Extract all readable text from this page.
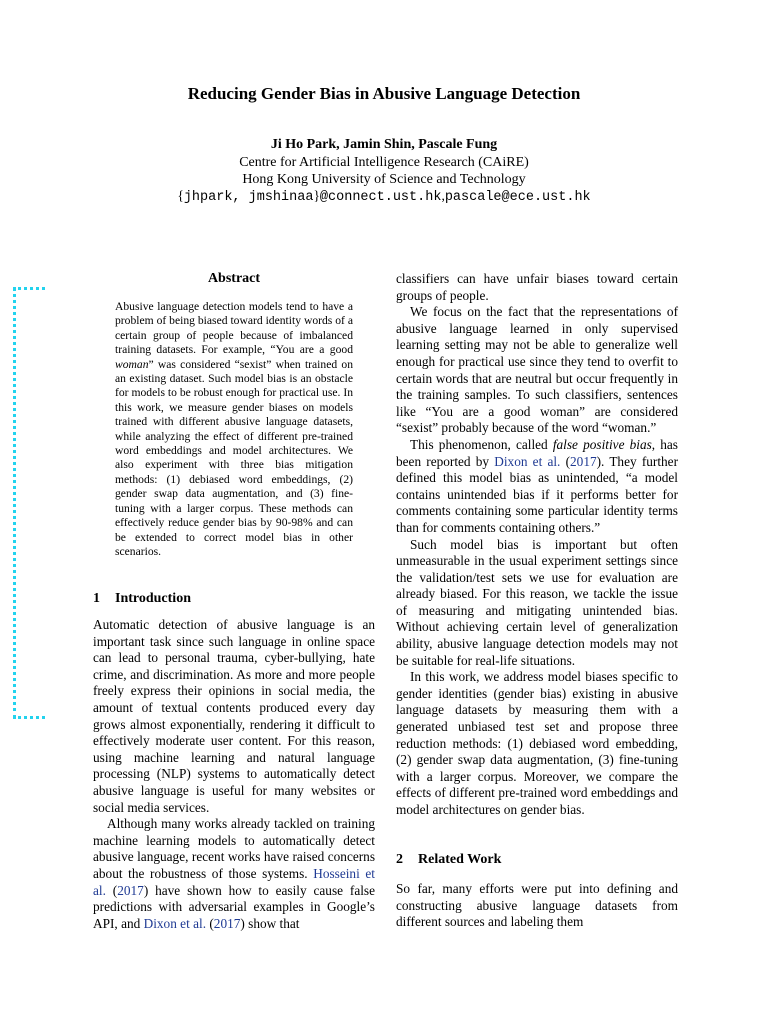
Reducing Gender Bias in Abusive Language Detection
Ji Ho Park, Jamin Shin, Pascale Fung
Centre for Artificial Intelligence Research (CAiRE)
Hong Kong University of Science and Technology
{jhpark, jmshinaa}@connect.ust.hk,pascale@ece.ust.hk
Abstract

Abusive language detection models tend to have a problem of being biased toward identity words of a certain group of people because of imbalanced training datasets. For example, “You are a good woman” was considered “sexist” when trained on an existing dataset. Such model bias is an obstacle for models to be robust enough for practical use. In this work, we measure gender biases on models trained with different abusive language datasets, while analyzing the effect of different pre-trained word embeddings and model architectures. We also experiment with three bias mitigation methods: (1) debiased word embeddings, (2) gender swap data augmentation, and (3) fine-tuning with a larger corpus. These methods can effectively reduce gender bias by 90-98% and can be extended to correct model bias in other scenarios.

1 Introduction

Automatic detection of abusive language is an important task since such language in online space can lead to personal trauma, cyber-bullying, hate crime, and discrimination. As more and more people freely express their opinions in social media, the amount of textual contents produced every day grows almost exponentially, rendering it difficult to effectively moderate user content. For this reason, using machine learning and natural language processing (NLP) systems to automatically detect abusive language is useful for many websites or social media services.

Although many works already tackled on training machine learning models to automatically detect abusive language, recent works have raised concerns about the robustness of those systems. Hosseini et al. (2017) have shown how to easily cause false predictions with adversarial examples in Google’s API, and Dixon et al. (2017) show that

classifiers can have unfair biases toward certain groups of people.

We focus on the fact that the representations of abusive language learned in only supervised learning setting may not be able to generalize well enough for practical use since they tend to overfit to certain words that are neutral but occur frequently in the training samples. To such classifiers, sentences like “You are a good woman” are considered “sexist” probably because of the word “woman.”

This phenomenon, called false positive bias, has been reported by Dixon et al. (2017). They further defined this model bias as unintended, “a model contains unintended bias if it performs better for comments containing some particular identity terms than for comments containing others.”

Such model bias is important but often unmeasurable in the usual experiment settings since the validation/test sets we use for evaluation are already biased. For this reason, we tackle the issue of measuring and mitigating unintended bias. Without achieving certain level of generalization ability, abusive language detection models may not be suitable for real-life situations.

In this work, we address model biases specific to gender identities (gender bias) existing in abusive language datasets by measuring them with a generated unbiased test set and propose three reduction methods: (1) debiased word embedding, (2) gender swap data augmentation, (3) fine-tuning with a larger corpus. Moreover, we compare the effects of different pre-trained word embeddings and model architectures on gender bias.

2 Related Work

So far, many efforts were put into defining and constructing abusive language datasets from different sources and labeling them
